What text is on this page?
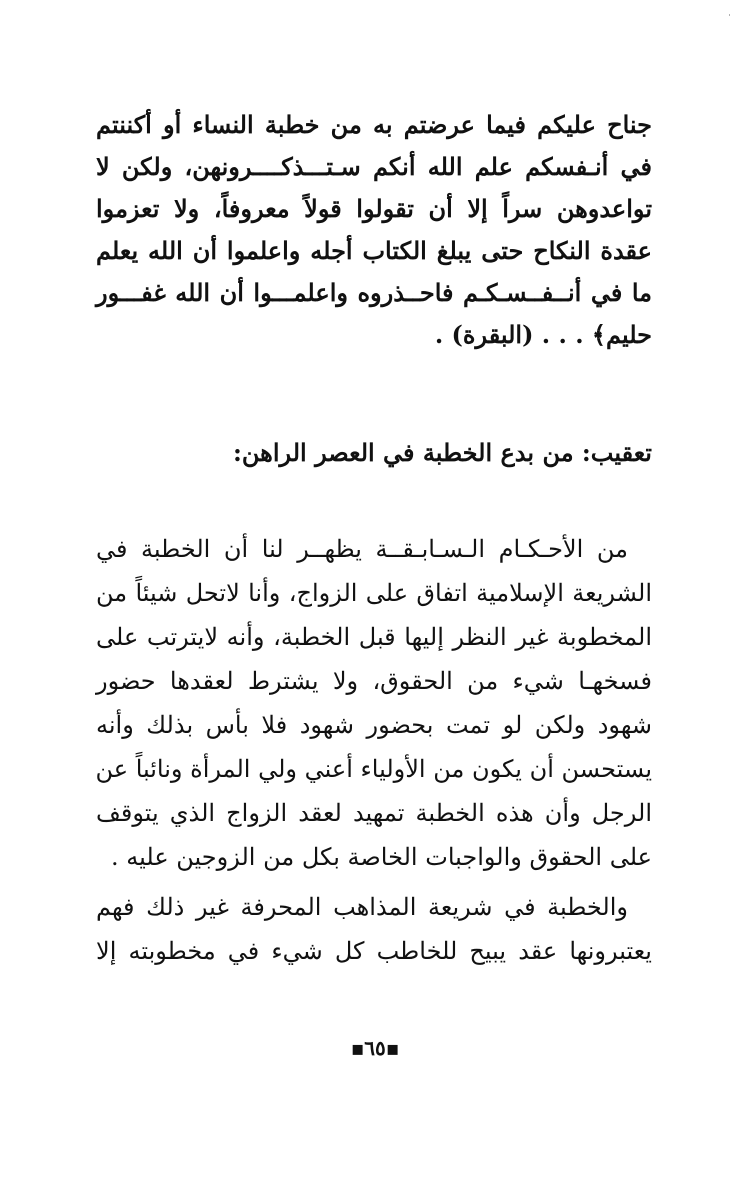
˙
جناح عليكم فيما عرضتم به من خطبة النساء أو أكننتم
في أنـفسكم علم الله أنكم سـتـــذكــــرونهن، ولكن لا
تواعدوهن سراً إلا أن تقولوا قولاً معروفاً، ولا تعزموا
عقدة النكاح حتى يبلغ الكتاب أجله واعلموا أن الله يعلم
ما في أنــفــسـكـم فاحــذروه واعلمـــوا أن الله غفـــور
حليم﴾ . . . (البقرة) .
تعقيب: من بدع الخطبة في العصر الراهن:
من الأحـكـام الـسـابـقــة يظهــر لنا أن الخطبة في
الشريعة الإسلامية اتفاق على الزواج، وأنا لاتحل شيئاً من
المخطوبة غير النظر إليها قبل الخطبة، وأنه لايترتب على
فسخهـا شيء من الحقوق، ولا يشترط لعقدها حضور
شهود ولكن لو تمت بحضور شهود فلا بأس بذلك وأنه
يستحسن أن يكون من الأولياء أعني ولي المرأة ونائباً عن
الرجل وأن هذه الخطبة تمهيد لعقد الزواج الذي يتوقف
على الحقوق والواجبات الخاصة بكل من الزوجين عليه .
والخطبة في شريعة المذاهب المحرفة غير ذلك فهم
يعتبرونها عقد يبيح للخاطب كل شيء في مخطوبته إلا
▪٦٥▪
